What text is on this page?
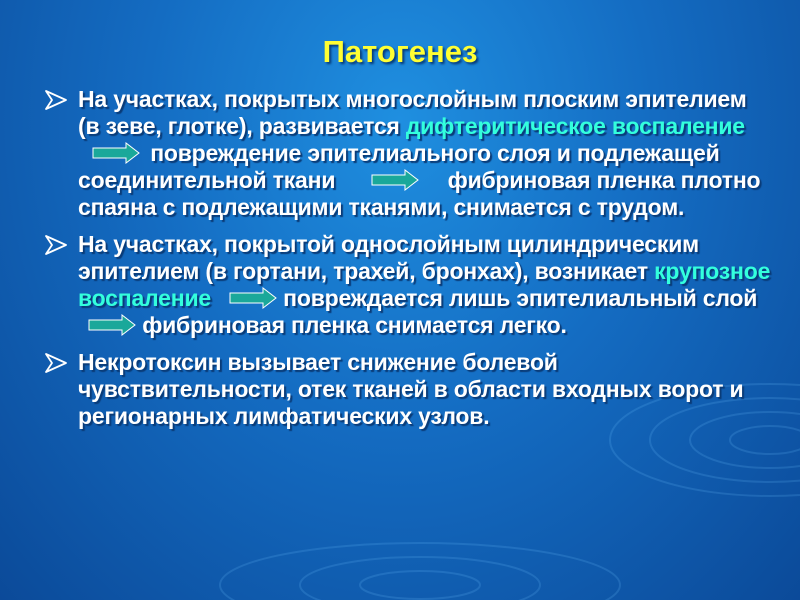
Патогенез
На участках, покрытых многослойным плоским эпителием (в зеве, глотке), развивается дифтеритическое воспаление повреждение эпителиального слоя и подлежащей соединительной ткани	фибриновая пленка плотно спаяна с подлежащими тканями, снимается с трудом.
На участках, покрытой однослойным цилиндрическим эпителием (в гортани, трахей, бронхах), возникает крупозное воспаление	повреждается лишь эпителиальный слой  фибриновая пленка снимается легко.
Некротоксин вызывает снижение болевой чувствительности, отек тканей в области входных ворот и регионарных лимфатических узлов.
